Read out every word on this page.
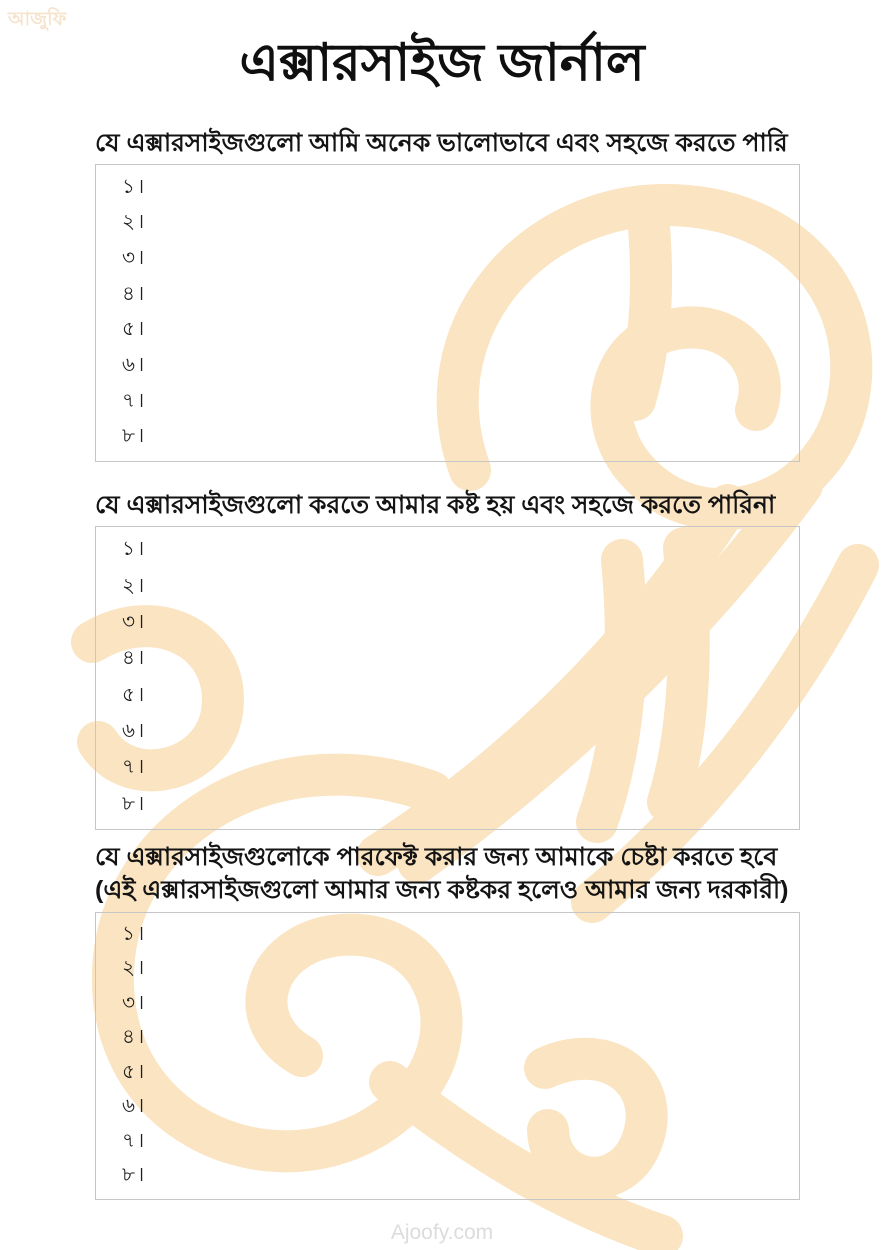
আজুফি
এক্সারসাইজ জার্নাল
যে এক্সারসাইজগুলো আমি অনেক ভালোভাবে এবং সহজে করতে পারি
১।
২।
৩।
৪।
৫।
৬।
৭।
৮।
যে এক্সারসাইজগুলো করতে আমার কষ্ট হয় এবং সহজে করতে পারিনা
১।
২।
৩।
৪।
৫।
৬।
৭।
৮।
যে এক্সারসাইজগুলোকে পারফেক্ট করার জন্য আমাকে চেষ্টা করতে হবে
(এই এক্সারসাইজগুলো আমার জন্য কষ্টকর হলেও আমার জন্য দরকারী)
১।
২।
৩।
৪।
৫।
৬।
৭।
৮।
Ajoofy.com
